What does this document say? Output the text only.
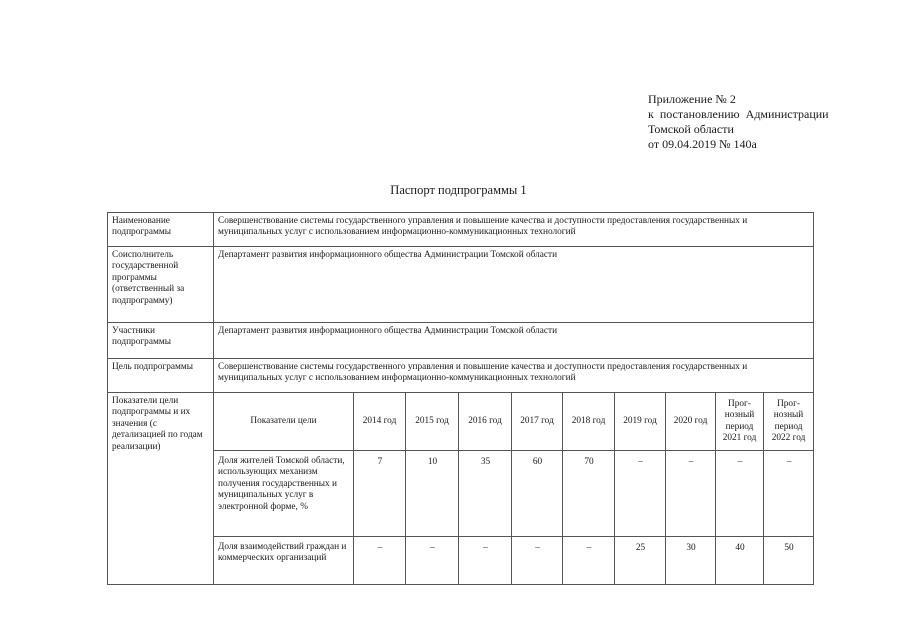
Приложение № 2
к  постановлению  Администрации
Томской области
от 09.04.2019 № 140а
Паспорт подпрограммы 1
Наименование подпрограммы	Совершенствование системы государственного управления и повышение качества и доступности предоставления государственных и муниципальных услуг с использованием информационно-коммуникационных технологий									
Соисполнитель государственной программы (ответственный за подпрограмму)	Департамент развития информационного общества Администрации Томской области									
Участники подпрограммы	Департамент развития информационного общества Администрации Томской области									
Цель подпрограммы	Совершенствование системы государственного управления и повышение качества и доступности предоставления государственных и муниципальных услуг с использованием информационно-коммуникационных технологий									
Показатели цели подпрограммы и их значения (с детализацией по годам реализации)	Показатели цели	2014 год	2015 год	2016 год	2017 год	2018 год	2019 год	2020 год	Прог-нозный период 2021 год	Прог-нозный период 2022 год
	Доля жителей Томской области, использующих механизм получения государственных и муниципальных услуг в электронной форме, %	7	10	35	60	70	–	–	–	–
	Доля взаимодействий граждан и коммерческих организаций	–	–	–	–	–	25	30	40	50
